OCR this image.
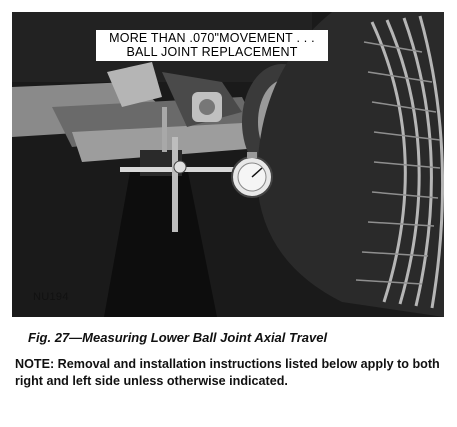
MORE THAN .070"MOVEMENT . . .
BALL JOINT REPLACEMENT
NU194
Fig. 27—Measuring Lower Ball Joint Axial Travel
NOTE: Removal and installation instructions listed below apply to both right and left side unless otherwise indicated.
